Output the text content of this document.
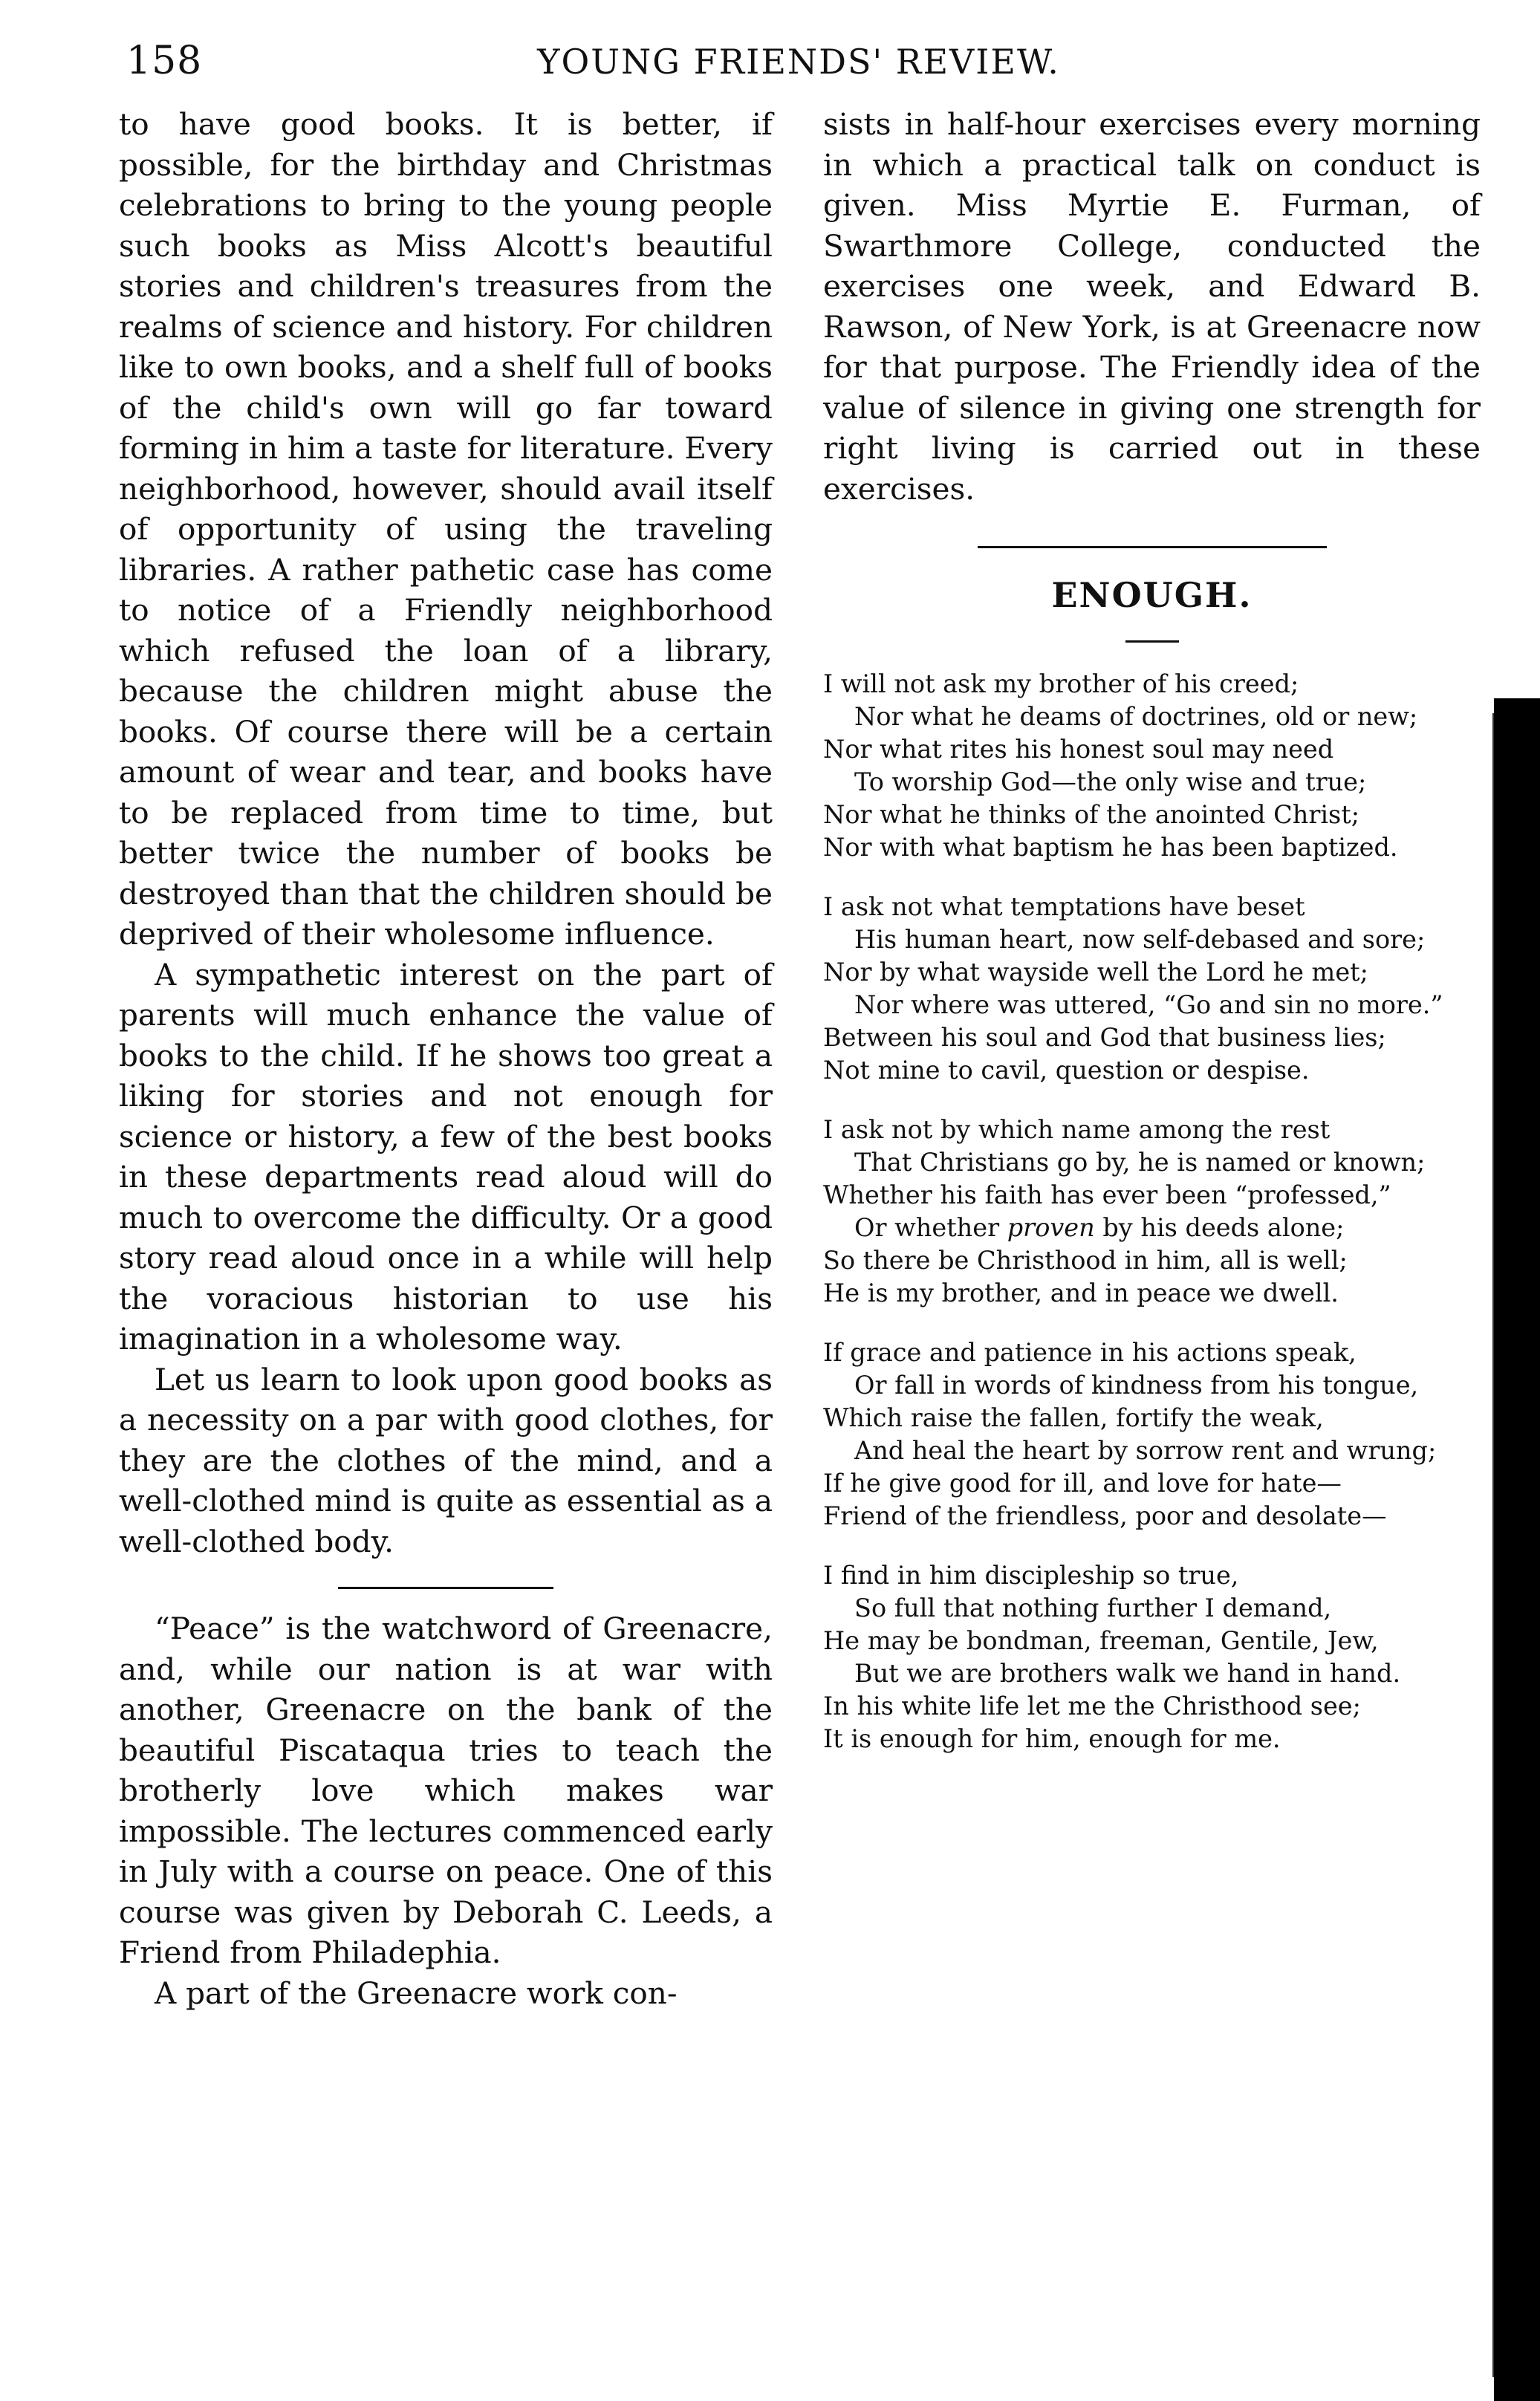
158	YOUNG FRIENDS' REVIEW.

to have good books. It is better, if possible, for the birthday and Christmas celebrations to bring to the young people such books as Miss Alcott's beautiful stories and children's treasures from the realms of science and history. For children like to own books, and a shelf full of books of the child's own will go far toward forming in him a taste for literature. Every neighborhood, however, should avail itself of opportunity of using the traveling libraries. A rather pathetic case has come to notice of a Friendly neighborhood which refused the loan of a library, because the children might abuse the books. Of course there will be a certain amount of wear and tear, and books have to be replaced from time to time, but better twice the number of books be destroyed than that the children should be deprived of their wholesome influence.

A sympathetic interest on the part of parents will much enhance the value of books to the child. If he shows too great a liking for stories and not enough for science or history, a few of the best books in these departments read aloud will do much to overcome the difficulty. Or a good story read aloud once in a while will help the voracious historian to use his imagination in a wholesome way.

Let us learn to look upon good books as a necessity on a par with good clothes, for they are the clothes of the mind, and a well-clothed mind is quite as essential as a well-clothed body.

“Peace” is the watchword of Greenacre, and, while our nation is at war with another, Greenacre on the bank of the beautiful Piscataqua tries to teach the brotherly love which makes war impossible. The lectures commenced early in July with a course on peace. One of this course was given by Deborah C. Leeds, a Friend from Philadephia.

A part of the Greenacre work con-

sists in half-hour exercises every morning in which a practical talk on conduct is given. Miss Myrtie E. Furman, of Swarthmore College, conducted the exercises one week, and Edward B. Rawson, of New York, is at Greenacre now for that purpose. The Friendly idea of the value of silence in giving one strength for right living is carried out in these exercises.

ENOUGH.
I will not ask my brother of his creed;
Nor what he deams of doctrines, old or new;
Nor what rites his honest soul may need
To worship God—the only wise and true;
Nor what he thinks of the anointed Christ;
Nor with what baptism he has been baptized.
I ask not what temptations have beset
His human heart, now self-debased and sore;
Nor by what wayside well the Lord he met;
Nor where was uttered, “Go and sin no more.”
Between his soul and God that business lies;
Not mine to cavil, question or despise.
I ask not by which name among the rest
That Christians go by, he is named or known;
Whether his faith has ever been “professed,”
Or whether proven by his deeds alone;
So there be Christhood in him, all is well;
He is my brother, and in peace we dwell.
If grace and patience in his actions speak,
Or fall in words of kindness from his tongue,
Which raise the fallen, fortify the weak,
And heal the heart by sorrow rent and wrung;
If he give good for ill, and love for hate—
Friend of the friendless, poor and desolate—
I find in him discipleship so true,
So full that nothing further I demand,
He may be bondman, freeman, Gentile, Jew,
But we are brothers walk we hand in hand.
In his white life let me the Christhood see;
It is enough for him, enough for me.
